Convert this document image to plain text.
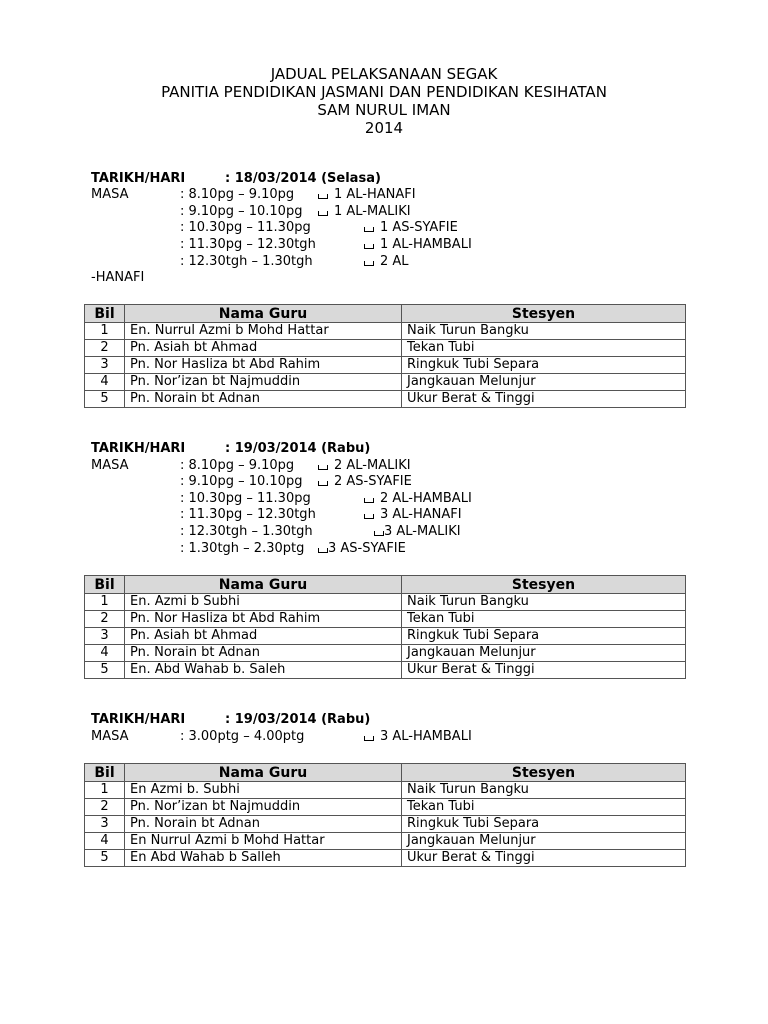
JADUAL PELAKSANAAN SEGAK
PANITIA PENDIDIKAN JASMANI DAN PENDIDIKAN KESIHATAN
SAM NURUL IMAN
2014
TARIKH/HARI	: 18/03/2014 (Selasa)
MASA	: 8.10pg – 9.10pg	1 AL-HANAFI
: 9.10pg – 10.10pg	1 AL-MALIKI
: 10.30pg – 11.30pg	1 AS-SYAFIE
: 11.30pg – 12.30tgh	1 AL-HAMBALI
: 12.30tgh – 1.30tgh	2 AL
-HANAFI
Bil	Nama Guru	Stesyen
1	En. Nurrul Azmi b Mohd Hattar	Naik Turun Bangku
2	Pn. Asiah bt Ahmad	Tekan Tubi
3	Pn. Nor Hasliza bt Abd Rahim	Ringkuk Tubi Separa
4	Pn. Nor’izan bt Najmuddin	Jangkauan Melunjur
5	Pn. Norain bt Adnan	Ukur Berat & Tinggi
TARIKH/HARI	: 19/03/2014 (Rabu)
MASA	: 8.10pg – 9.10pg	2 AL-MALIKI
: 9.10pg – 10.10pg	2 AS-SYAFIE
: 10.30pg – 11.30pg	2 AL-HAMBALI
: 11.30pg – 12.30tgh	3 AL-HANAFI
: 12.30tgh – 1.30tgh	3 AL-MALIKI
: 1.30tgh – 2.30ptg	3 AS-SYAFIE
Bil	Nama Guru	Stesyen
1	En. Azmi b Subhi	Naik Turun Bangku
2	Pn. Nor Hasliza bt Abd Rahim	Tekan Tubi
3	Pn. Asiah bt Ahmad	Ringkuk Tubi Separa
4	Pn. Norain bt Adnan	Jangkauan Melunjur
5	En. Abd Wahab b. Saleh	Ukur Berat & Tinggi
TARIKH/HARI	: 19/03/2014 (Rabu)
MASA	: 3.00ptg – 4.00ptg	3 AL-HAMBALI
Bil	Nama Guru	Stesyen
1	En Azmi b. Subhi	Naik Turun Bangku
2	Pn. Nor’izan bt Najmuddin	Tekan Tubi
3	Pn. Norain bt Adnan	Ringkuk Tubi Separa
4	En Nurrul Azmi b Mohd Hattar	Jangkauan Melunjur
5	En Abd Wahab b Salleh	Ukur Berat & Tinggi
